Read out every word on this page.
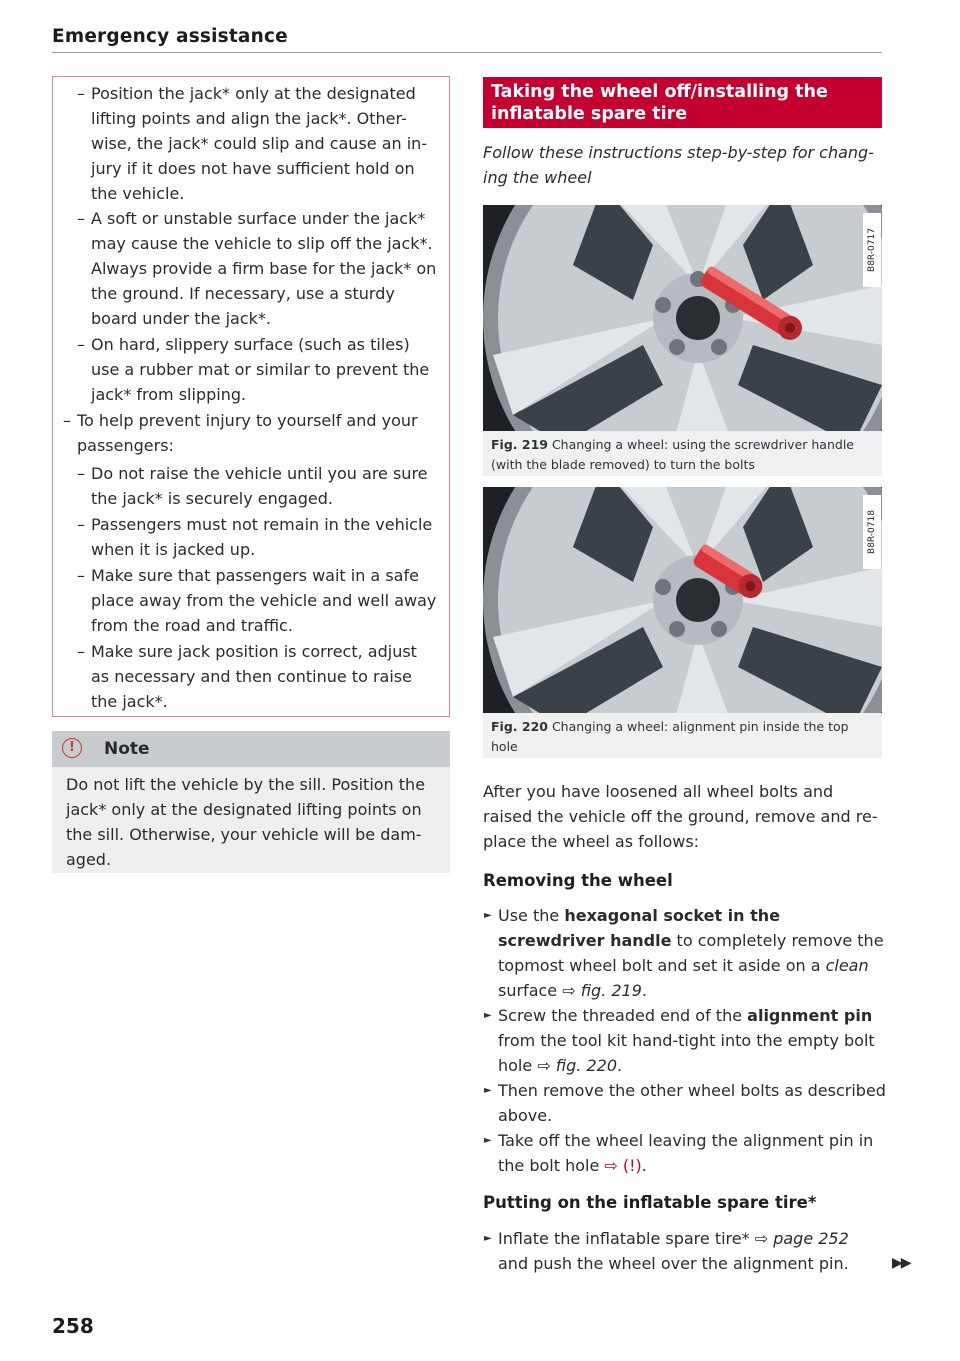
Emergency assistance
– Position the jack* only at the designated lifting points and align the jack*. Other-wise, the jack* could slip and cause an in-jury if it does not have sufficient hold on the vehicle.
– A soft or unstable surface under the jack* may cause the vehicle to slip off the jack*. Always provide a firm base for the jack* on the ground. If necessary, use a sturdy board under the jack*.
– On hard, slippery surface (such as tiles) use a rubber mat or similar to prevent the jack* from slipping.
– To help prevent injury to yourself and your passengers:
– Do not raise the vehicle until you are sure the jack* is securely engaged.
– Passengers must not remain in the vehicle when it is jacked up.
– Make sure that passengers wait in a safe place away from the vehicle and well away from the road and traffic.
– Make sure jack position is correct, adjust as necessary and then continue to raise the jack*.
!	Note
Do not lift the vehicle by the sill. Position the jack* only at the designated lifting points on the sill. Otherwise, your vehicle will be dam-aged.
258
Taking the wheel off/installing the inflatable spare tire
Follow these instructions step-by-step for chang-ing the wheel
B8R-0717
Fig. 219 Changing a wheel: using the screwdriver handle (with the blade removed) to turn the bolts
B8R-0718
Fig. 220 Changing a wheel: alignment pin inside the top hole
After you have loosened all wheel bolts and raised the vehicle off the ground, remove and re-place the wheel as follows:
Removing the wheel
► Use the hexagonal socket in the screwdriver handle to completely remove the topmost wheel bolt and set it aside on a clean surface ⇨ fig. 219.
► Screw the threaded end of the alignment pin from the tool kit hand-tight into the empty bolt hole ⇨ fig. 220.
► Then remove the other wheel bolts as described above.
► Take off the wheel leaving the alignment pin in the bolt hole ⇨ (!).
Putting on the inflatable spare tire*
► Inflate the inflatable spare tire* ⇨ page 252 and push the wheel over the alignment pin.	▶▶
